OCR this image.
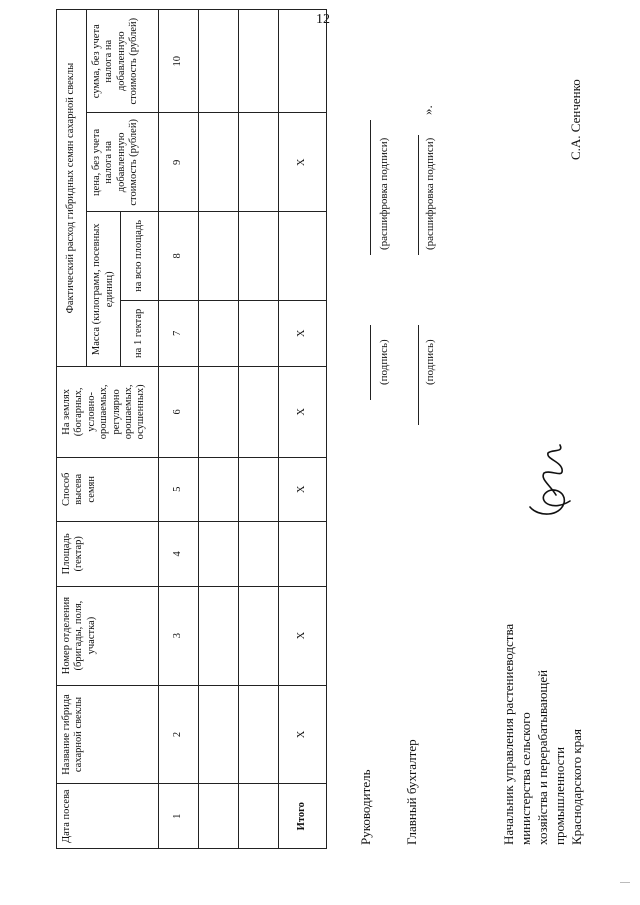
12
Дата посева	Название гибрида сахарной свеклы	Номер отделения (бригады, поля, участка)	Площадь (гектар)	Способ высева семян	На землях (богарных, условно-орошаемых, регулярно орошаемых, осушенных)	Фактический расход гибридных семян сахарной свеклы			
						Масса (килограмм, посевных единиц)		цена, без учета налога на добавленную стоимость (рублей)	сумма, без учета налога на добавленную стоимость (рублей)
						на 1 гектар	на всю площадь		
1	2	3	4	5	6	7	8	9	10

Итого	X	X		X	X	X		X	
Руководитель
(подпись)
(расшифровка подписи)
Главный бухгалтер
(подпись)
(расшифровка подписи)
».
Начальник управления растениеводства министерства сельского хозяйства и перерабатывающей промышленности Краснодарского края
С.А. Сенченко
